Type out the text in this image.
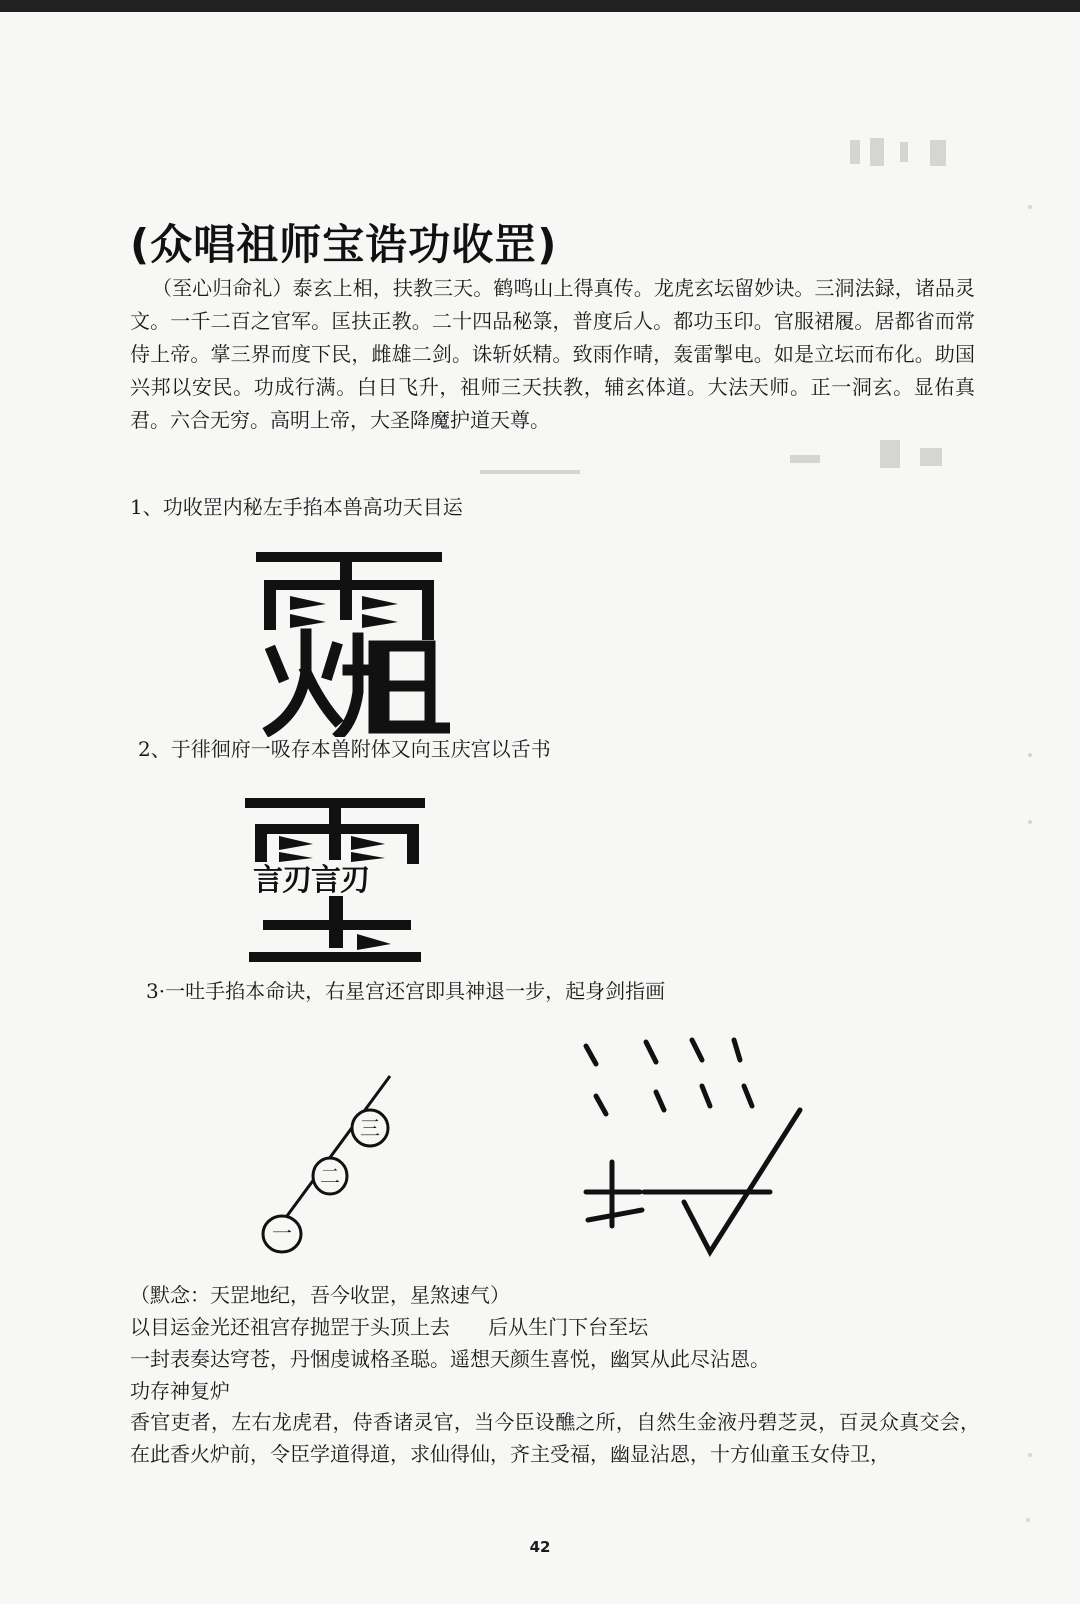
(众唱祖师宝诰功收罡)
（至心归命礼）泰玄上相，扶教三天。鹤鸣山上得真传。龙虎玄坛留妙诀。三洞法録，诸品灵文。一千二百之官军。匡扶正教。二十四品秘箓，普度后人。都功玉印。官服裙履。居都省而常侍上帝。掌三界而度下民，雌雄二剑。诛斩妖精。致雨作晴，轰雷掣电。如是立坛而布化。助国兴邦以安民。功成行满。白日飞升，祖师三天扶教，辅玄体道。大法天师。正一洞玄。显佑真君。六合无穷。高明上帝，大圣降魔护道天尊。
1、功收罡内秘左手掐本兽高功天目运
2、于徘徊府一吸存本兽附体又向玉庆宫以舌书
言刃言刃
3·一吐手掐本命诀，右星宫还宫即具神退一步，起身剑指画
一
二
三
（默念：天罡地纪，吾今收罡，星煞速气）
以目运金光还祖宫存抛罡于头顶上去      后从生门下台至坛
一封表奏达穹苍，丹悃虔诚格圣聪。遥想天颜生喜悦，幽冥从此尽沾恩。
功存神复炉
香官吏者，左右龙虎君，侍香诸灵官，当今臣设醮之所，自然生金液丹碧芝灵，百灵众真交会，在此香火炉前，令臣学道得道，求仙得仙，齐主受福，幽显沾恩，十方仙童玉女侍卫，
42
